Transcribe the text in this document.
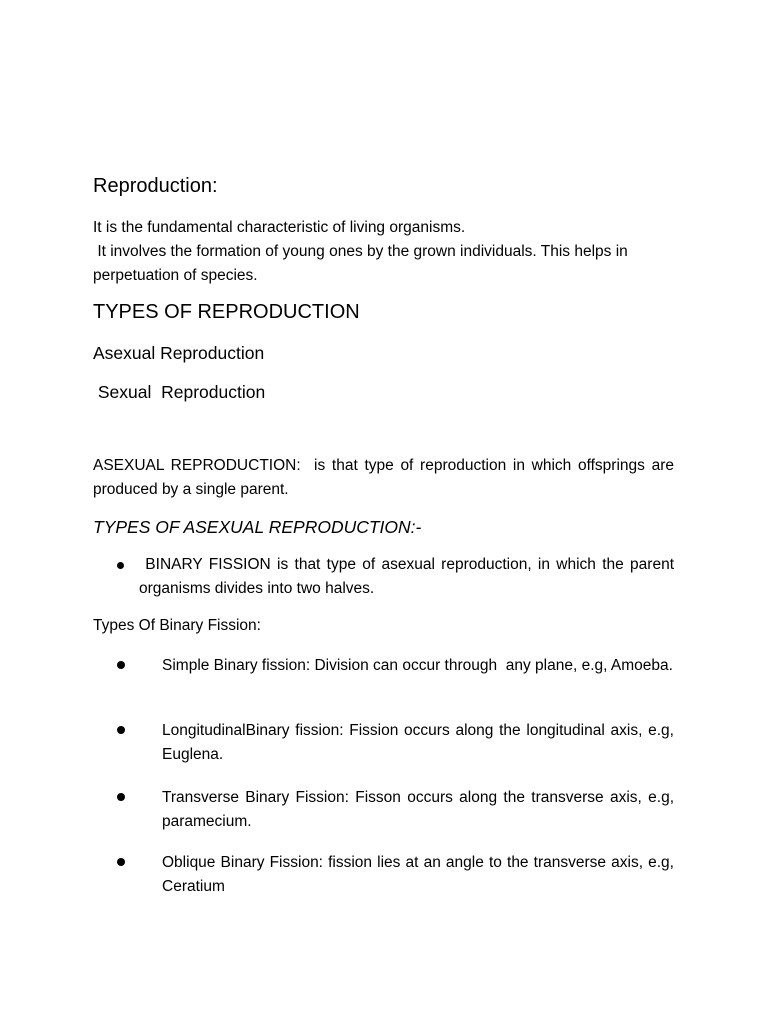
Reproduction:
It is the fundamental characteristic of living organisms.
It involves the formation of young ones by the grown individuals. This helps in perpetuation of species.
TYPES OF REPRODUCTION
Asexual Reproduction
Sexual  Reproduction

ASEXUAL REPRODUCTION:  is that type of reproduction in which offsprings are produced by a single parent.

TYPES OF ASEXUAL REPRODUCTION:-

BINARY FISSION is that type of asexual reproduction, in which the parent organisms divides into two halves.

Types Of Binary Fission:

Simple Binary fission: Division can occur through  any plane, e.g, Amoeba.

LongitudinalBinary fission: Fission occurs along the longitudinal axis, e.g, Euglena.

Transverse Binary Fission: Fisson occurs along the transverse axis, e.g, paramecium.

Oblique Binary Fission: fission lies at an angle to the transverse axis, e.g, Ceratium
